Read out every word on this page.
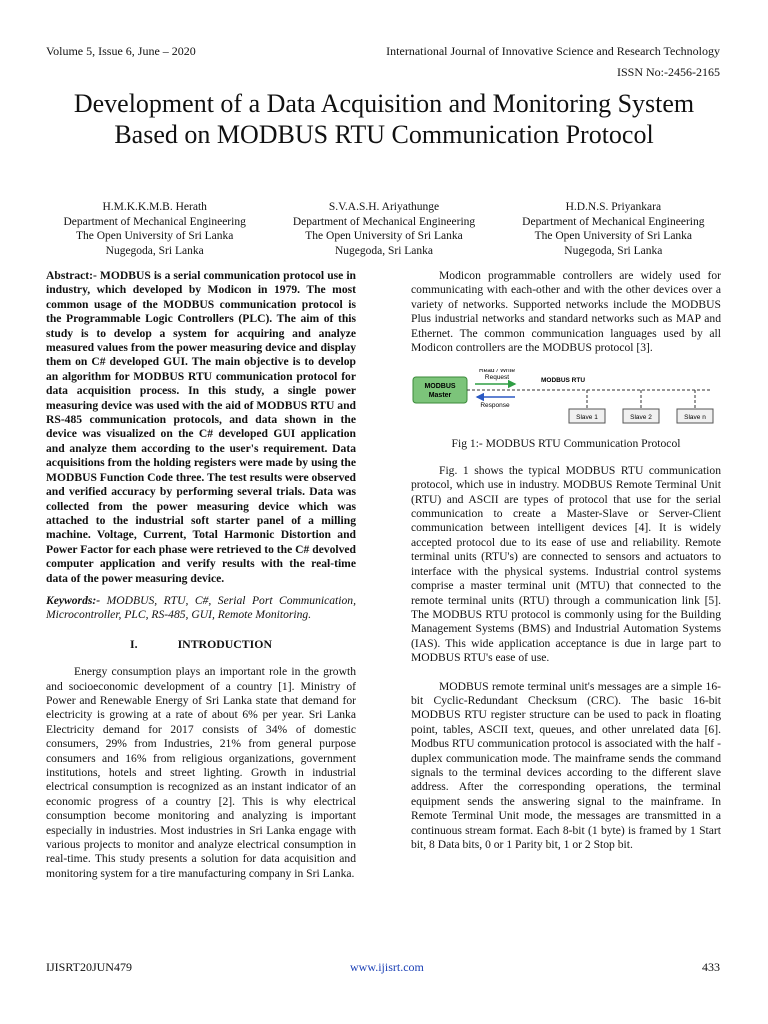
Volume 5, Issue 6, June – 2020	International Journal of Innovative Science and Research Technology
ISSN No:-2456-2165
Development of a Data Acquisition and Monitoring System Based on MODBUS RTU Communication Protocol
H.M.K.K.M.B. Herath
Department of Mechanical Engineering
The Open University of Sri Lanka
Nugegoda, Sri Lanka
S.V.A.S.H. Ariyathunge
Department of Mechanical Engineering
The Open University of Sri Lanka
Nugegoda, Sri Lanka
H.D.N.S. Priyankara
Department of Mechanical Engineering
The Open University of Sri Lanka
Nugegoda, Sri Lanka

Abstract:- MODBUS is a serial communication protocol use in industry, which developed by Modicon in 1979. The most common usage of the MODBUS communication protocol is the Programmable Logic Controllers (PLC). The aim of this study is to develop a system for acquiring and analyze measured values from the power measuring device and display them on C# developed GUI. The main objective is to develop an algorithm for MODBUS RTU communication protocol for data acquisition process. In this study, a single power measuring device was used with the aid of MODBUS RTU and RS-485 communication protocols, and data shown in the device was visualized on the C# developed GUI application and analyze them according to the user's requirement. Data acquisitions from the holding registers were made by using the MODBUS Function Code three. The test results were observed and verified accuracy by performing several trials. Data was collected from the power measuring device which was attached to the industrial soft starter panel of a milling machine. Voltage, Current, Total Harmonic Distortion and Power Factor for each phase were retrieved to the C# devolved computer application and verify results with the real-time data of the power measuring device.

Keywords:- MODBUS, RTU, C#, Serial Port Communication, Microcontroller, PLC, RS-485, GUI, Remote Monitoring.

I.	INTRODUCTION

Energy consumption plays an important role in the growth and socioeconomic development of a country [1]. Ministry of Power and Renewable Energy of Sri Lanka state that demand for electricity is growing at a rate of about 6% per year. Sri Lanka Electricity demand for 2017 consists of 34% of domestic consumers, 29% from Industries, 21% from general purpose consumers and 16% from religious organizations, government institutions, hotels and street lighting. Growth in industrial electrical consumption is recognized as an instant indicator of an economic progress of a country [2]. This is why electrical consumption become monitoring and analyzing is important especially in industries. Most industries in Sri Lanka engage with various projects to monitor and analyze electrical consumption in real-time. This study presents a solution for data acquisition and monitoring system for a tire manufacturing company in Sri Lanka.

Modicon programmable controllers are widely used for communicating with each-other and with the other devices over a variety of networks. Supported networks include the MODBUS Plus industrial networks and standard networks such as MAP and Ethernet. The common communication languages used by all Modicon controllers are the MODBUS protocol [3].

MODBUS
Master
Read / Write
Request
Response
MODBUS RTU
Slave 1	Slave 2	Slave n
Fig 1:- MODBUS RTU Communication Protocol

Fig. 1 shows the typical MODBUS RTU communication protocol, which use in industry. MODBUS Remote Terminal Unit (RTU) and ASCII are types of protocol that use for the serial communication to create a Master-Slave or Server-Client communication between intelligent devices [4]. It is widely accepted protocol due to its ease of use and reliability. Remote terminal units (RTU's) are connected to sensors and actuators to interface with the physical systems. Industrial control systems comprise a master terminal unit (MTU) that connected to the remote terminal units (RTU) through a communication link [5]. The MODBUS RTU protocol is commonly using for the Building Management Systems (BMS) and Industrial Automation Systems (IAS). This wide application acceptance is due in large part to MODBUS RTU's ease of use.

MODBUS remote terminal unit's messages are a simple 16-bit Cyclic-Redundant Checksum (CRC). The basic 16-bit MODBUS RTU register structure can be used to pack in floating point, tables, ASCII text, queues, and other unrelated data [6]. Modbus RTU communication protocol is associated with the half - duplex communication mode. The mainframe sends the command signals to the terminal devices according to the different slave address. After the corresponding operations, the terminal equipment sends the answering signal to the mainframe. In Remote Terminal Unit mode, the messages are transmitted in a continuous stream format. Each 8-bit (1 byte) is framed by 1 Start bit, 8 Data bits, 0 or 1 Parity bit, 1 or 2 Stop bit.

IJISRT20JUN479	www.ijisrt.com	433
